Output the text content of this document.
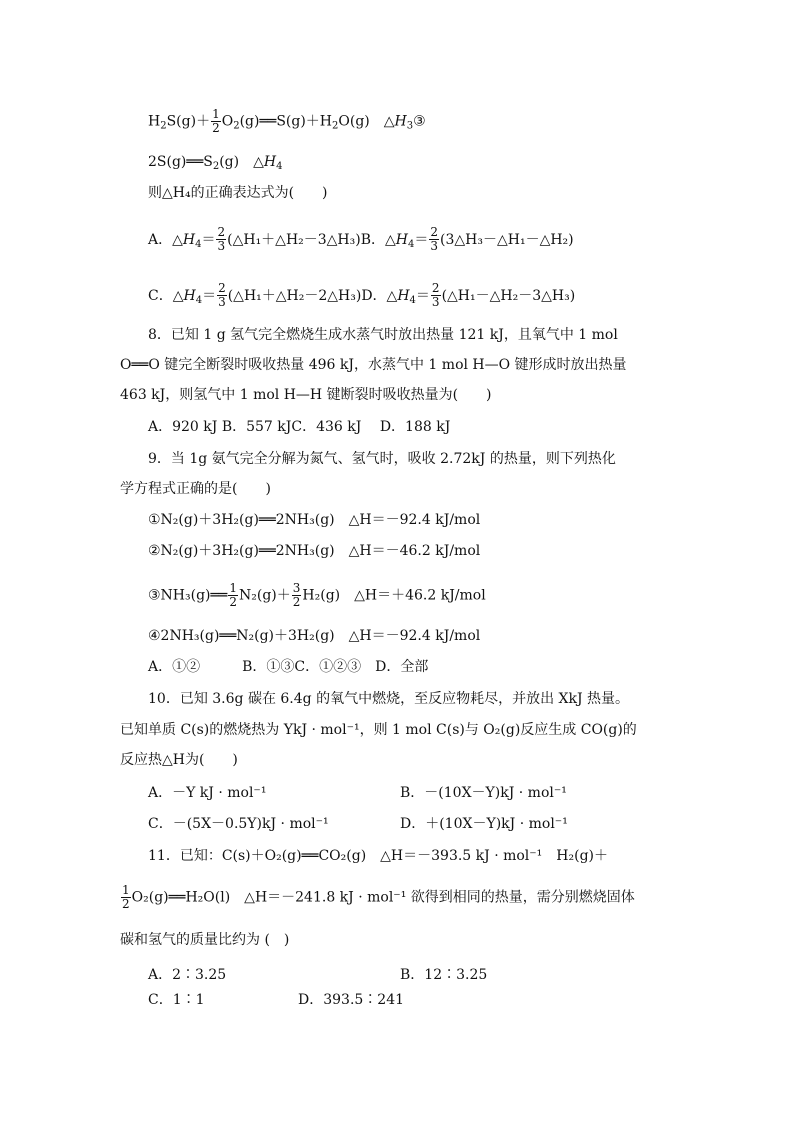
$H_2S(g)+ \frac{1}{2}$ $O_2(g)══S(g)+H_2O(g)$　$\triangle H_3③$
$2S(g)══S_2(g)$　$\triangle H_4$
则△H₄的正确表达式为(　　)
A．$\triangle H_4= \frac{2}{3}$ (△H₁＋△H₂－3△H₃)B．$\triangle H_4= \frac{2}{3}$ (3△H₃－△H₁－△H₂)
C．$\triangle H_4= \frac{2}{3}$ (△H₁＋△H₂－2△H₃)D．$\triangle H_4= \frac{2}{3}$ (△H₁－△H₂－3△H₃)
8．已知 1 g 氢气完全燃烧生成水蒸气时放出热量 121 kJ，且氧气中 1 mol
O══O 键完全断裂时吸收热量 496 kJ，水蒸气中 1 mol H—O 键形成时放出热量
463 kJ，则氢气中 1 mol H—H 键断裂时吸收热量为(　　)
A．920 kJ B．557 kJC．436 kJ　 D．188 kJ
9．当 1g 氨气完全分解为氮气、氢气时，吸收 2.72kJ 的热量，则下列热化
学方程式正确的是(　　)
①N₂(g)＋3H₂(g)══2NH₃(g)　△H＝－92.4 kJ/mol
②N₂(g)＋3H₂(g)══2NH₃(g)　△H＝－46.2 kJ/mol
③NH₃(g)══ $\frac{1}{2} N_2(g)+ \frac{3}{2} H_2(g)$　△H＝＋46.2 kJ/mol
④2NH₃(g)══N₂(g)＋3H₂(g)　△H＝－92.4 kJ/mol
A．①②　　　B．①③C．①②③　D．全部
10．已知 3.6g 碳在 6.4g 的氧气中燃烧，至反应物耗尽，并放出 XkJ 热量。
已知单质 C(s)的燃烧热为 YkJ · mol⁻¹，则 1 mol C(s)与 O₂(g)反应生成 CO(g)的
反应热△H为(　　)
A．－Y kJ · mol⁻¹	B．－(10X－Y)kJ · mol⁻¹
C．－(5X－0.5Y)kJ · mol⁻¹	D．＋(10X－Y)kJ · mol⁻¹
11．已知：C(s)＋O₂(g)══CO₂(g)　△H＝－393.5 kJ · mol⁻¹　H₂(g)＋
$\frac{1}{2}$ O₂(g)══H₂O(l)　△H＝－241.8 kJ · mol⁻¹ 欲得到相同的热量，需分别燃烧固体
碳和氢气的质量比约为 (　)
A．2∶3.25	B．12∶3.25
C．1∶1	D．393.5∶241
